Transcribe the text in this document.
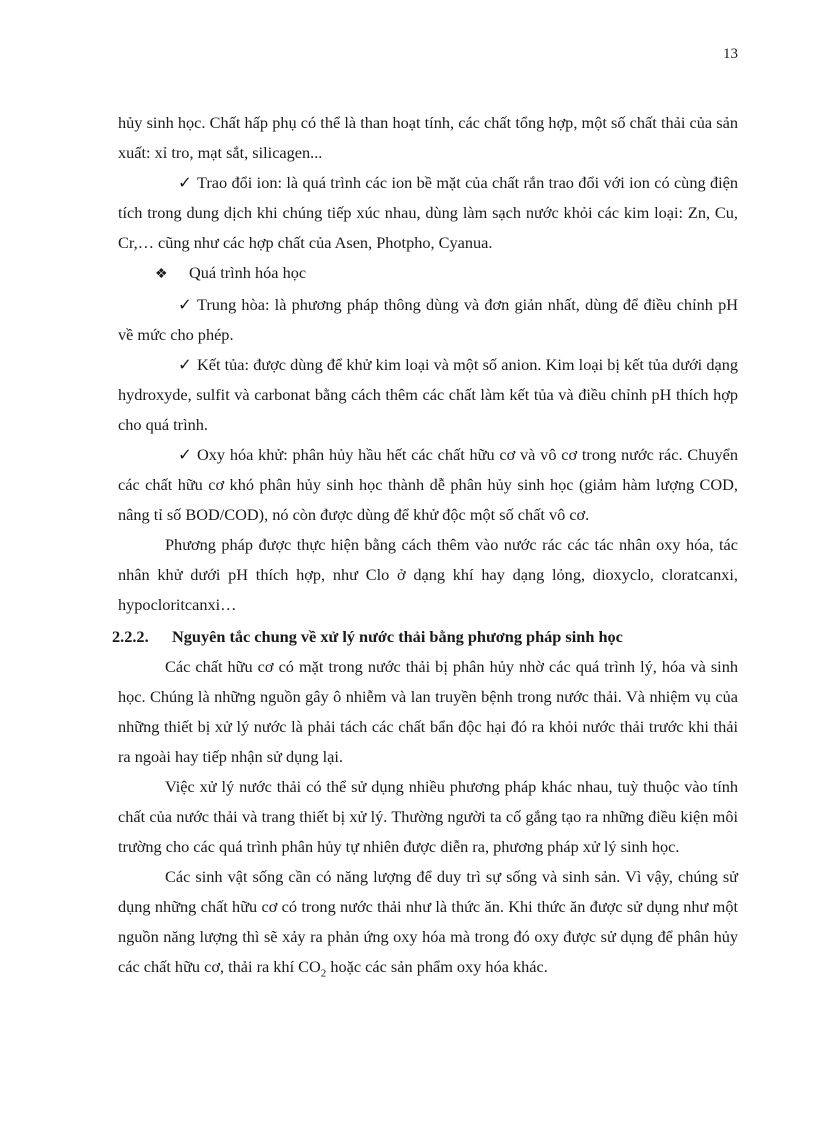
13

hủy sinh học. Chất hấp phụ có thể là than hoạt tính, các chất tổng hợp, một số chất thải của sản xuất: xỉ tro, mạt sắt, silicagen...

✓ Trao đổi ion: là quá trình các ion bề mặt của chất rắn trao đổi với ion có cùng điện tích trong dung dịch khi chúng tiếp xúc nhau, dùng làm sạch nước khỏi các kim loại: Zn, Cu, Cr,… cũng như các hợp chất của Asen, Photpho, Cyanua.

❖ Quá trình hóa học

✓ Trung hòa: là phương pháp thông dùng và đơn giản nhất, dùng để điều chỉnh pH về mức cho phép.

✓ Kết tủa: được dùng để khử kim loại và một số anion. Kim loại bị kết tủa dưới dạng hydroxyde, sulfit và carbonat bằng cách thêm các chất làm kết tủa và điều chỉnh pH thích hợp cho quá trình.

✓ Oxy hóa khử: phân hủy hầu hết các chất hữu cơ và vô cơ trong nước rác. Chuyển các chất hữu cơ khó phân hủy sinh học thành dễ phân hủy sinh học (giảm hàm lượng COD, nâng tỉ số BOD/COD), nó còn được dùng để khử độc một số chất vô cơ.

Phương pháp được thực hiện bằng cách thêm vào nước rác các tác nhân oxy hóa, tác nhân khử dưới pH thích hợp, như Clo ở dạng khí hay dạng lỏng, dioxyclo, cloratcanxi, hypocloritcanxi…

2.2.2. Nguyên tắc chung về xử lý nước thải bằng phương pháp sinh học

Các chất hữu cơ có mặt trong nước thải bị phân hủy nhờ các quá trình lý, hóa và sinh học. Chúng là những nguồn gây ô nhiễm và lan truyền bệnh trong nước thải. Và nhiệm vụ của những thiết bị xử lý nước là phải tách các chất bẩn độc hại đó ra khỏi nước thải trước khi thải ra ngoài hay tiếp nhận sử dụng lại.

Việc xử lý nước thải có thể sử dụng nhiều phương pháp khác nhau, tuỳ thuộc vào tính chất của nước thải và trang thiết bị xử lý. Thường người ta cố gắng tạo ra những điều kiện môi trường cho các quá trình phân hủy tự nhiên được diễn ra, phương pháp xử lý sinh học.

Các sinh vật sống cần có năng lượng để duy trì sự sống và sinh sản. Vì vậy, chúng sử dụng những chất hữu cơ có trong nước thải như là thức ăn. Khi thức ăn được sử dụng như một nguồn năng lượng thì sẽ xảy ra phản ứng oxy hóa mà trong đó oxy được sử dụng để phân hủy các chất hữu cơ, thải ra khí $CO_2$ hoặc các sản phẩm oxy hóa khác.
